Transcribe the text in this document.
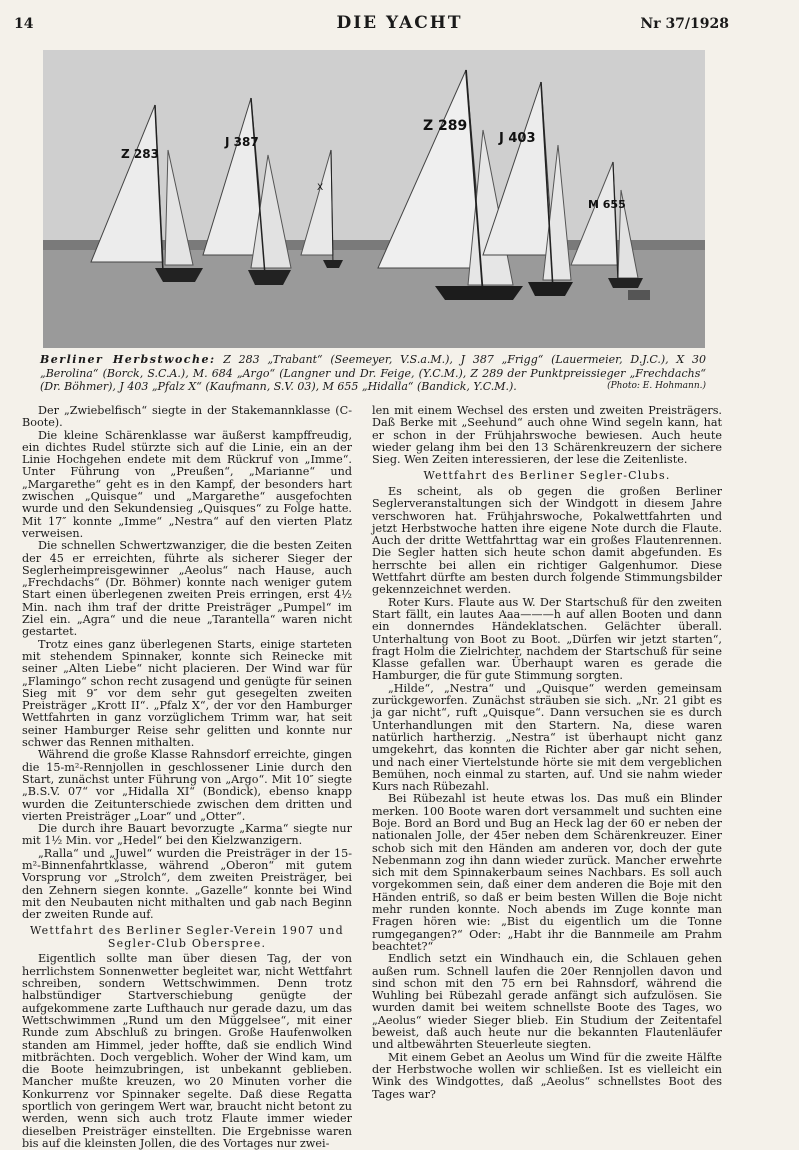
14	DIE YACHT	Nr 37/1928
Z 283
J 387
X
Z 289
J 403
M 655
Berliner Herbstwoche: Z 283 „Trabant“ (Seemeyer, V.S.a.M.), J 387 „Frigg“ (Lauermeier, D.J.C.), X 30 „Berolina“ (Borck, S.C.A.), M. 684 „Argo“ (Langner und Dr. Feige, (Y.C.M.), Z 289 der Punktpreissieger „Frechdachs“ (Dr. Böhmer), J 403 „Pfalz X“ (Kaufmann, S.V. 03), M 655 „Hidalla“ (Bandick, Y.C.M.).	(Photo: E. Hohmann.)

Der „Zwiebelfisch“ siegte in der Stakemannklasse (C-Boote).

Die kleine Schärenklasse war äußerst kampffreudig, ein dichtes Rudel stürzte sich auf die Linie, ein an der Linie Hochgehen endete mit dem Rückruf von „Imme“. Unter Führung von „Preußen“, „Marianne“ und „Margarethe“ geht es in den Kampf, der besonders hart zwischen „Quisque“ und „Margarethe“ ausgefochten wurde und den Sekundensieg „Quisques“ zu Folge hatte. Mit 17″ konnte „Imme“ „Nestra“ auf den vierten Platz verweisen.

Die schnellen Schwertzwanziger, die die besten Zeiten der 45 er erreichten, führte als sicherer Sieger der Seglerheimpreisgewinner „Aeolus“ nach Hause, auch „Frechdachs“ (Dr. Böhmer) konnte nach weniger gutem Start einen überlegenen zweiten Preis erringen, erst 4½ Min. nach ihm traf der dritte Preisträger „Pumpel“ im Ziel ein. „Agra“ und die neue „Tarantella“ waren nicht gestartet.

Trotz eines ganz überlegenen Starts, einige starteten mit stehendem Spinnaker, konnte sich Reinecke mit seiner „Alten Liebe“ nicht placieren. Der Wind war für „Flamingo“ schon recht zusagend und genügte für seinen Sieg mit 9″ vor dem sehr gut gesegelten zweiten Preisträger „Krott II“. „Pfalz X“, der vor den Hamburger Wettfahrten in ganz vorzüglichem Trimm war, hat seit seiner Hamburger Reise sehr gelitten und konnte nur schwer das Rennen mithalten.

Während die große Klasse Rahnsdorf erreichte, gingen die 15-m²-Rennjollen in geschlossener Linie durch den Start, zunächst unter Führung von „Argo“. Mit 10″ siegte „B.S.V. 07“ vor „Hidalla XI“ (Bondick), ebenso knapp wurden die Zeitunterschiede zwischen dem dritten und vierten Preisträger „Loar“ und „Otter“.

Die durch ihre Bauart bevorzugte „Karma“ siegte nur mit 1½ Min. vor „Hedel“ bei den Kielzwanzigern.

„Ralla“ und „Juwel“ wurden die Preisträger in der 15-m²-Binnenfahrtklasse, während „Oberon“ mit gutem Vorsprung vor „Strolch“, dem zweiten Preisträger, bei den Zehnern siegen konnte. „Gazelle“ konnte bei Wind mit den Neubauten nicht mithalten und gab nach Beginn der zweiten Runde auf.

Wettfahrt des Berliner Segler-Verein 1907 und Segler-Club Oberspree.

Eigentlich sollte man über diesen Tag, der von herrlichstem Sonnenwetter begleitet war, nicht Wettfahrt schreiben, sondern Wettschwimmen. Denn trotz halbstündiger Startverschiebung genügte der aufgekommene zarte Lufthauch nur gerade dazu, um das Wettschwimmen „Rund um den Müggelsee“, mit einer Runde zum Abschluß zu bringen. Große Haufenwolken standen am Himmel, jeder hoffte, daß sie endlich Wind mitbrächten. Doch vergeblich. Woher der Wind kam, um die Boote heimzubringen, ist unbekannt geblieben. Mancher mußte kreuzen, wo 20 Minuten vorher die Konkurrenz vor Spinnaker segelte. Daß diese Regatta sportlich von geringem Wert war, braucht nicht betont zu werden, wenn sich auch trotz Flaute immer wieder dieselben Preisträger einstellten. Die Ergebnisse waren bis auf die kleinsten Jollen, die des Vortages nur zwei-

len mit einem Wechsel des ersten und zweiten Preisträgers. Daß Berke mit „Seehund“ auch ohne Wind segeln kann, hat er schon in der Frühjahrswoche bewiesen. Auch heute wieder gelang ihm bei den 13 Schärenkreuzern der sichere Sieg. Wen Zeiten interessieren, der lese die Zeitenliste.

Wettfahrt des Berliner Segler-Clubs.

Es scheint, als ob gegen die großen Berliner Seglerveranstaltungen sich der Windgott in diesem Jahre verschworen hat. Frühjahrswoche, Pokalwettfahrten und jetzt Herbstwoche hatten ihre eigene Note durch die Flaute. Auch der dritte Wettfahrttag war ein großes Flautenrennen. Die Segler hatten sich heute schon damit abgefunden. Es herrschte bei allen ein richtiger Galgenhumor. Diese Wettfahrt dürfte am besten durch folgende Stimmungsbilder gekennzeichnet werden.

Roter Kurs. Flaute aus W. Der Startschuß für den zweiten Start fällt, ein lautes Aaa———h auf allen Booten und dann ein donnerndes Händeklatschen. Gelächter überall. Unterhaltung von Boot zu Boot. „Dürfen wir jetzt starten“, fragt Holm die Zielrichter, nachdem der Startschuß für seine Klasse gefallen war. Überhaupt waren es gerade die Hamburger, die für gute Stimmung sorgten.

„Hilde“, „Nestra“ und „Quisque“ werden gemeinsam zurückgeworfen. Zunächst sträuben sie sich. „Nr. 21 gibt es ja gar nicht“, ruft „Quisque“. Dann versuchen sie es durch Unterhandlungen mit den Startern. Na, diese waren natürlich hartherzig. „Nestra“ ist überhaupt nicht ganz umgekehrt, das konnten die Richter aber gar nicht sehen, und nach einer Viertelstunde hörte sie mit dem vergeblichen Bemühen, noch einmal zu starten, auf. Und sie nahm wieder Kurs nach Rübezahl.

Bei Rübezahl ist heute etwas los. Das muß ein Blinder merken. 100 Boote waren dort versammelt und suchten eine Boje. Bord an Bord und Bug an Heck lag der 60 er neben der nationalen Jolle, der 45er neben dem Schärenkreuzer. Einer schob sich mit den Händen am anderen vor, doch der gute Nebenmann zog ihn dann wieder zurück. Mancher erwehrte sich mit dem Spinnakerbaum seines Nachbars. Es soll auch vorgekommen sein, daß einer dem anderen die Boje mit den Händen entriß, so daß er beim besten Willen die Boje nicht mehr runden konnte. Noch abends im Zuge konnte man Fragen hören wie: „Bist du eigentlich um die Tonne rumgegangen?“ Oder: „Habt ihr die Bannmeile am Prahm beachtet?“

Endlich setzt ein Windhauch ein, die Schlauen gehen außen rum. Schnell laufen die 20er Rennjollen davon und sind schon mit den 75 ern bei Rahnsdorf, während die Wuhling bei Rübezahl gerade anfängt sich aufzulösen. Sie wurden damit bei weitem schnellste Boote des Tages, wo „Aeolus“ wieder Sieger blieb. Ein Studium der Zeitentafel beweist, daß auch heute nur die bekannten Flautenläufer und altbewährten Steuerleute siegten.

Mit einem Gebet an Aeolus um Wind für die zweite Hälfte der Herbstwoche wollen wir schließen. Ist es vielleicht ein Wink des Windgottes, daß „Aeolus“ schnellstes Boot des Tages war?
